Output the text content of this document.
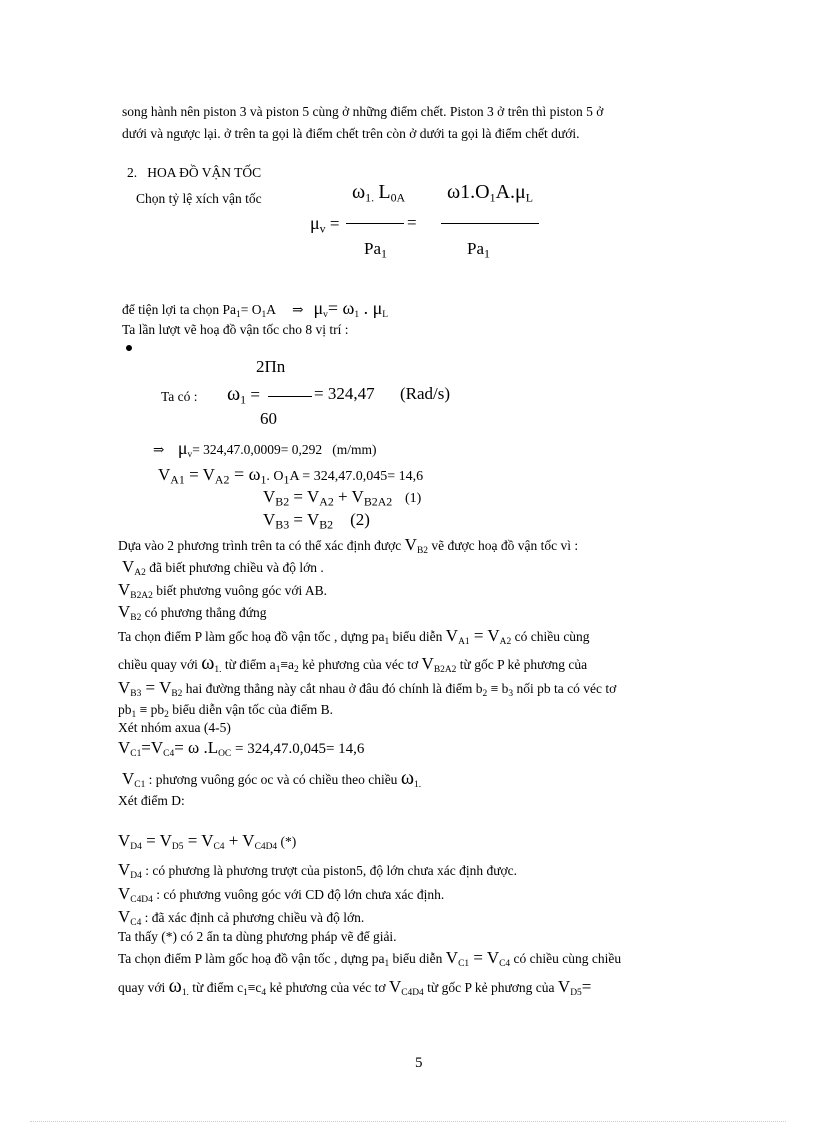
song hành nên piston 3 và piston 5 cùng ở những điểm chết. Piston 3 ở trên thì piston 5 ở
dưới và ngược lại. ở trên ta gọi là điểm chết trên còn ở dưới ta gọi là điểm chết dưới.
2. HOA ĐỒ VẬN TỐC
Chọn tỷ lệ xích vận tốc	$\omega_{1.}$ $L_{0A}$ $\omega 1.O_1A.\mu_L$
$\mu_v$ =	=
$Pa_1$	$Pa_1$
để tiện lợi ta chọn $Pa_1= O_1A$ ⇒ $\mu_v= \omega_1$ . $\mu_L$
Ta lần lượt vẽ hoạ đồ vận tốc cho 8 vị trí :
2Πn
Ta có : $\omega_1$ =	= 324,47 (Rad/s)
60
⇒ $\mu_v= 324,47.0,0009= 0,292$ (m/mm)
$V_{A1} = V_{A2} = \omega_1$. $O_1A = 324,47.0,045= 14,6$
$V_{B2} = V_{A2} + V_{B2A2}$ (1)
$V_{B3} = V_{B2}$ (2)
Dựa vào 2 phương trình trên ta có thể xác định được $V_{B2}$ vẽ được hoạ đồ vận tốc vì :
$V_{A2}$ đã biết phương chiều và độ lớn .
$V_{B2A2}$ biết phương vuông góc với AB.
$V_{B2}$ có phương thẳng đứng
Ta chọn điểm P làm gốc hoạ đồ vận tốc , dựng $pa_1$ biểu diễn $V_{A1} = V_{A2}$ có chiều cùng
chiều quay với $\omega_{1.}$ từ điểm $a_1\equiv a_2$ kẻ phương của véc tơ $V_{B2A2}$ từ gốc P kẻ phương của
$V_{B3} = V_{B2}$ hai đường thẳng này cắt nhau ở đâu đó chính là điểm $b_2 \equiv b_3$ nối pb ta có véc tơ
$pb_1 \equiv pb_2$ biểu diễn vận tốc của điểm B.
Xét nhóm axua (4-5)
$V_{C1}=V_{C4}= \omega$ $.L_{OC} = 324,47.0,045= 14,6$
$V_{C1}$ : phương vuông góc oc và có chiều theo chiều $\omega_{1.}$
Xét điểm D:
$V_{D4} = V_{D5} = V_{C4} + V_{C4D4}$ (*)
$V_{D4}$ : có phương là phương trượt của piston5, độ lớn chưa xác định được.
$V_{C4D4}$ : có phương vuông góc với CD độ lớn chưa xác định.
$V_{C4}$ : đã xác định cả phương chiều và độ lớn.
Ta thấy (*) có 2 ẩn ta dùng phương pháp vẽ để giải.
Ta chọn điểm P làm gốc hoạ đồ vận tốc , dựng $pa_1$ biểu diễn $V_{C1} = V_{C4}$ có chiều cùng chiều
quay với $\omega_{1.}$ từ điểm $c_1\equiv c_4$ kẻ phương của véc tơ $V_{C4D4}$ từ gốc P kẻ phương của $V_{D5}=$
5
